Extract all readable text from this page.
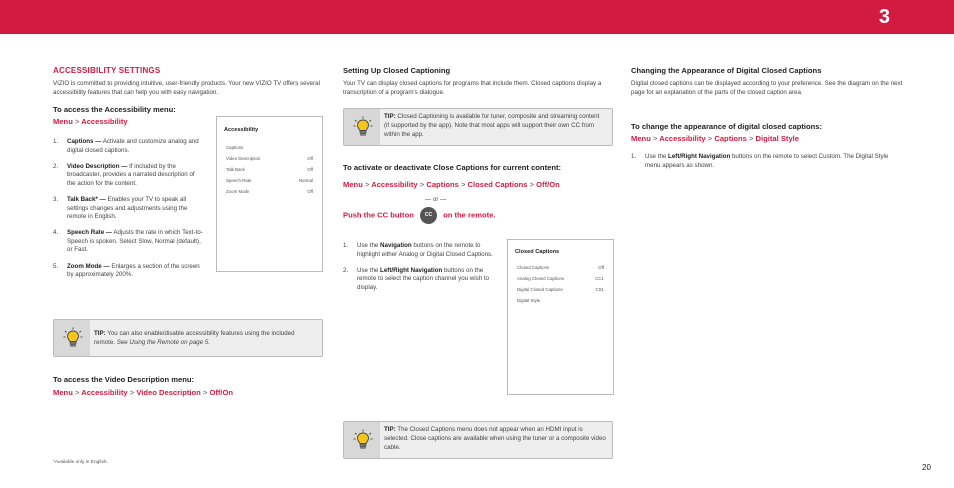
3
ACCESSIBILITY SETTINGS
VIZIO is committed to providing intuitive, user-friendly products. Your new VIZIO TV offers several accessibility features that can help you with easy navigation.
To access the Accessibility menu:
Menu > Accessibility
1. Captions — Activate and customize analog and digital closed captions.
2. Video Description — If included by the broadcaster, provides a narrated description of the action for the content.
3. Talk Back* — Enables your TV to speak all settings changes and adjustments using the remote in English.
4. Speech Rate — Adjusts the rate in which Text-to-Speech is spoken. Select Slow, Normal (default), or Fast.
5. Zoom Mode — Enlarges a section of the screen by approximately 200%.
Accessibility
Captions
Video Description	Off
Talk Back	Off
Speech Rate	Normal
Zoom Mode	Off
TIP: You can also enable/disable accessibility features using the included remote. See Using the Remote on page 5.
To access the Video Description menu:
Menu > Accessibility > Video Description > Off/On
*Available only in English.
Setting Up Closed Captioning
Your TV can display closed captions for programs that include them. Closed captions display a transcription of a program's dialogue.
TIP: Closed Captioning is available for tuner, composite and streaming content (if supported by the app). Note that most apps will support their own CC from within the app.
To activate or deactivate Close Captions for current content:
Menu > Accessibility > Captions > Closed Captions > Off/On
— or —
Push the CC button CC on the remote.
1. Use the Navigation buttons on the remote to highlight either Analog or Digital Closed Captions.
2. Use the Left/Right Navigation buttons on the remote to select the caption channel you wish to display.
Closed Captions
Closed Captions	Off
Analog Closed Captions	CC1
Digital Closed Captions	CS1
Digital Style
TIP: The Closed Captions menu does not appear when an HDMI input is selected. Close captions are available when using the tuner or a composite video cable.
Changing the Appearance of Digital Closed Captions
Digital closed captions can be displayed according to your preference. See the diagram on the next page for an explanation of the parts of the closed caption area.
To change the appearance of digital closed captions:
Menu > Accessibility > Captions > Digital Style
1. Use the Left/Right Navigation buttons on the remote to select Custom. The Digital Style menu appears as shown.
20
